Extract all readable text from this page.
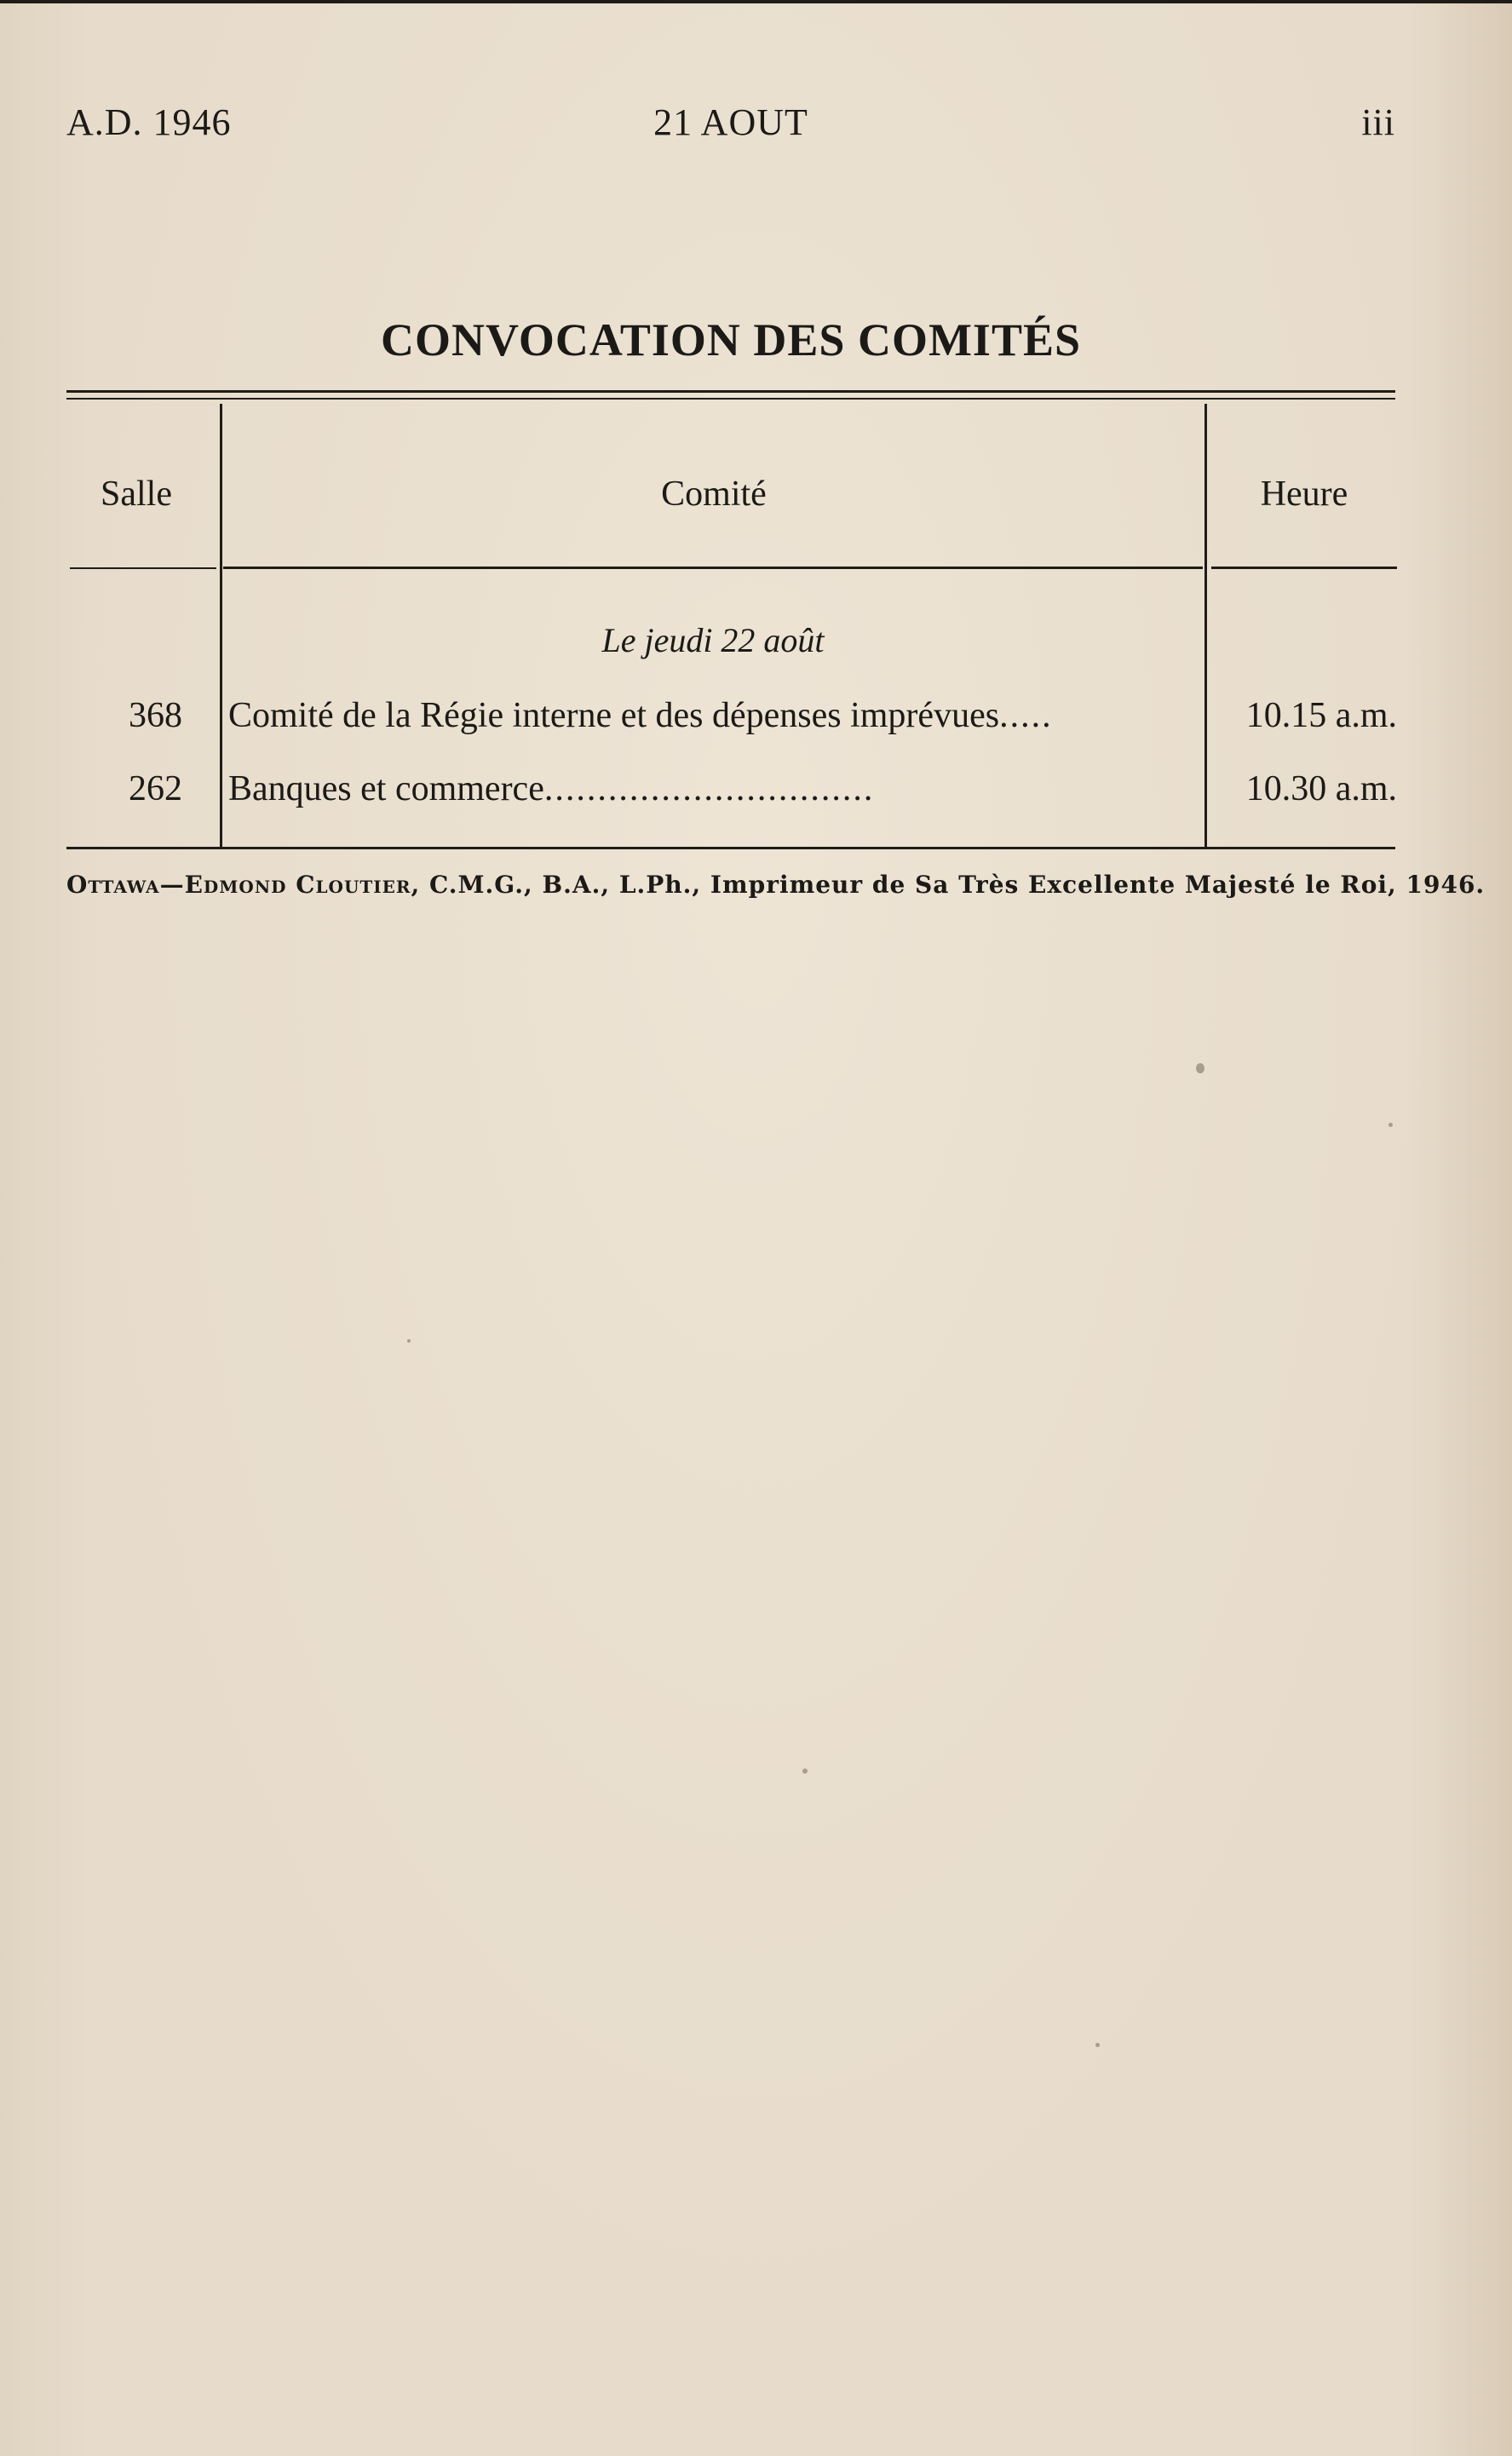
A.D. 1946	21 AOUT	iii
CONVOCATION DES COMITÉS
Salle	Comité	Heure
Le jeudi 22 août
368 Comité de la Régie interne et des dépenses imprévues.....	10.15 a.m.
262 Banques et commerce...............................	10.30 a.m.
Ottawa—Edmond Cloutier, C.M.G., B.A., L.Ph., Imprimeur de Sa Très Excellente Majesté le Roi, 1946.
